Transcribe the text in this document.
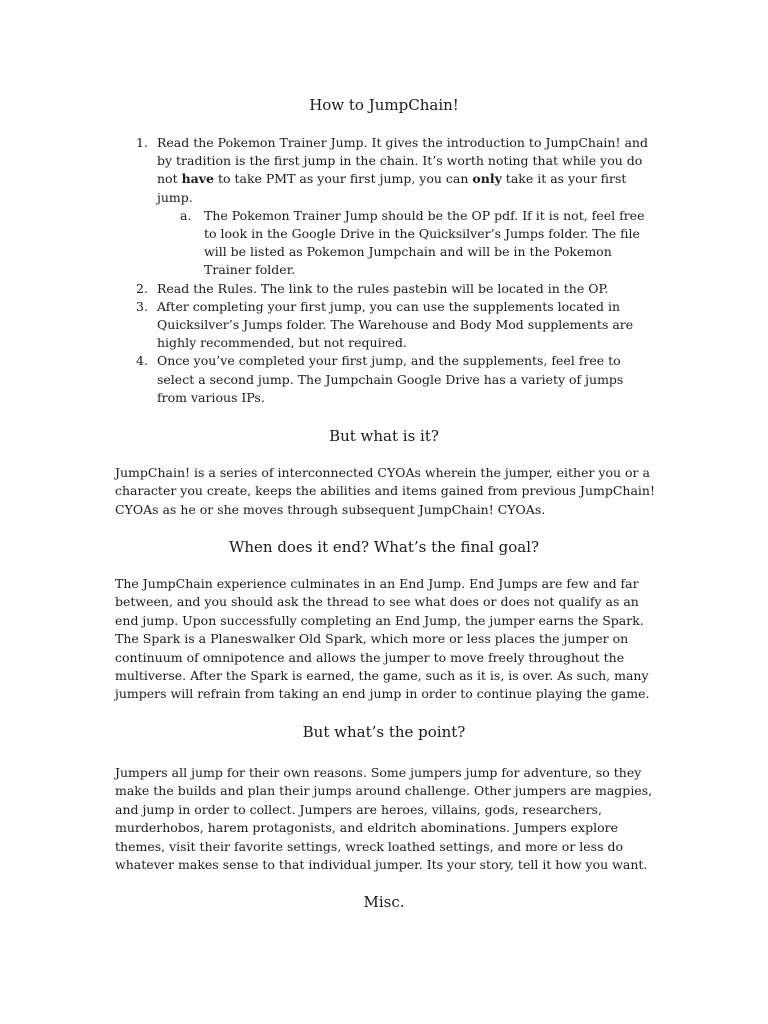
How to JumpChain!
1. Read the Pokemon Trainer Jump. It gives the introduction to JumpChain! and
by tradition is the first jump in the chain. It’s worth noting that while you do
not have to take PMT as your first jump, you can only take it as your first
jump.
a. The Pokemon Trainer Jump should be the OP pdf. If it is not, feel free
to look in the Google Drive in the Quicksilver’s Jumps folder. The file
will be listed as Pokemon Jumpchain and will be in the Pokemon
Trainer folder.
2. Read the Rules. The link to the rules pastebin will be located in the OP.
3. After completing your first jump, you can use the supplements located in
Quicksilver’s Jumps folder. The Warehouse and Body Mod supplements are
highly recommended, but not required.
4. Once you’ve completed your first jump, and the supplements, feel free to
select a second jump. The Jumpchain Google Drive has a variety of jumps
from various IPs.
But what is it?
JumpChain! is a series of interconnected CYOAs wherein the jumper, either you or a
character you create, keeps the abilities and items gained from previous JumpChain!
CYOAs as he or she moves through subsequent JumpChain! CYOAs.
When does it end? What’s the final goal?
The JumpChain experience culminates in an End Jump. End Jumps are few and far
between, and you should ask the thread to see what does or does not qualify as an
end jump. Upon successfully completing an End Jump, the jumper earns the Spark.
The Spark is a Planeswalker Old Spark, which more or less places the jumper on
continuum of omnipotence and allows the jumper to move freely throughout the
multiverse. After the Spark is earned, the game, such as it is, is over. As such, many
jumpers will refrain from taking an end jump in order to continue playing the game.
But what’s the point?
Jumpers all jump for their own reasons. Some jumpers jump for adventure, so they
make the builds and plan their jumps around challenge. Other jumpers are magpies,
and jump in order to collect. Jumpers are heroes, villains, gods, researchers,
murderhobos, harem protagonists, and eldritch abominations. Jumpers explore
themes, visit their favorite settings, wreck loathed settings, and more or less do
whatever makes sense to that individual jumper. Its your story, tell it how you want.
Misc.
